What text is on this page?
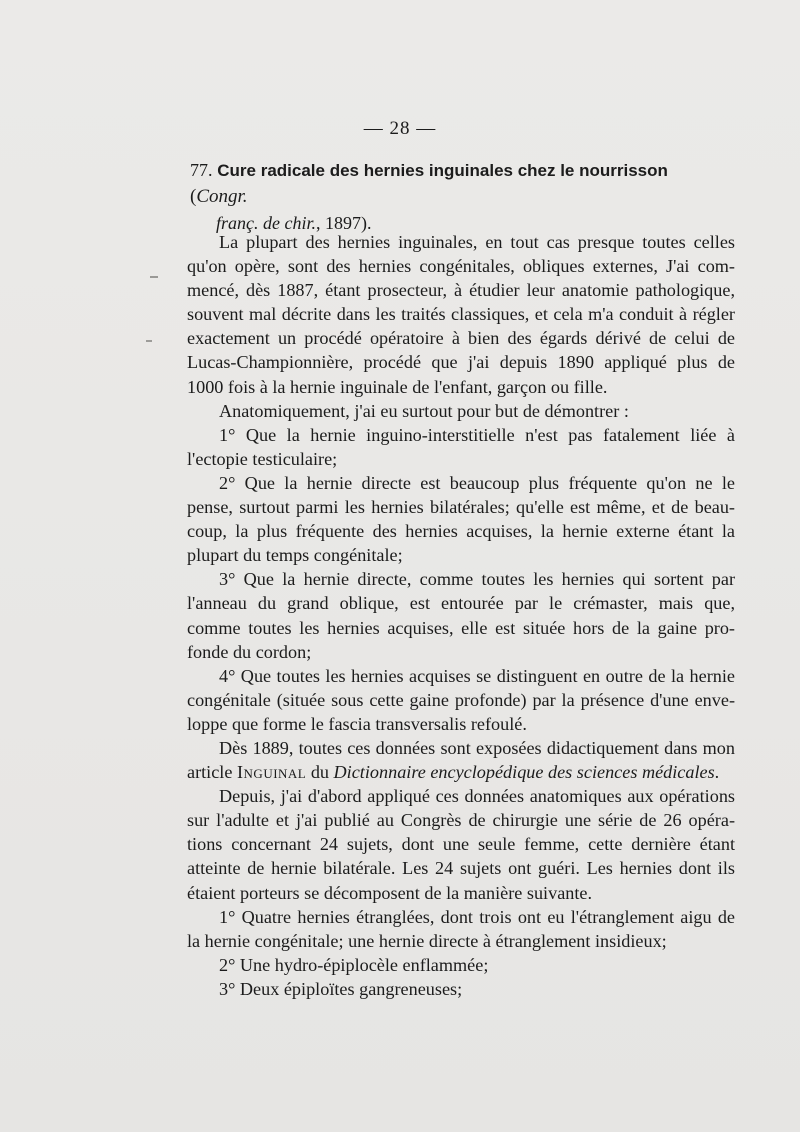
— 28 —
77. Cure radicale des hernies inguinales chez le nourrisson (Congr.
franç. de chir., 1897).
La plupart des hernies inguinales, en tout cas presque toutes celles
qu'on opère, sont des hernies congénitales, obliques externes, J'ai com-
mencé, dès 1887, étant prosecteur, à étudier leur anatomie pathologique,
souvent mal décrite dans les traités classiques, et cela m'a conduit à régler
exactement un procédé opératoire à bien des égards dérivé de celui de
Lucas-Championnière, procédé que j'ai depuis 1890 appliqué plus de
1000 fois à la hernie inguinale de l'enfant, garçon ou fille.
Anatomiquement, j'ai eu surtout pour but de démontrer :
1° Que la hernie inguino-interstitielle n'est pas fatalement liée à
l'ectopie testiculaire;
2° Que la hernie directe est beaucoup plus fréquente qu'on ne le
pense, surtout parmi les hernies bilatérales; qu'elle est même, et de beau-
coup, la plus fréquente des hernies acquises, la hernie externe étant la
plupart du temps congénitale;
3° Que la hernie directe, comme toutes les hernies qui sortent par
l'anneau du grand oblique, est entourée par le crémaster, mais que,
comme toutes les hernies acquises, elle est située hors de la gaine pro-
fonde du cordon;
4° Que toutes les hernies acquises se distinguent en outre de la hernie
congénitale (située sous cette gaine profonde) par la présence d'une enve-
loppe que forme le fascia transversalis refoulé.
Dès 1889, toutes ces données sont exposées didactiquement dans mon
article Inguinal du Dictionnaire encyclopédique des sciences médicales.
Depuis, j'ai d'abord appliqué ces données anatomiques aux opérations
sur l'adulte et j'ai publié au Congrès de chirurgie une série de 26 opéra-
tions concernant 24 sujets, dont une seule femme, cette dernière étant
atteinte de hernie bilatérale. Les 24 sujets ont guéri. Les hernies dont ils
étaient porteurs se décomposent de la manière suivante.
1° Quatre hernies étranglées, dont trois ont eu l'étranglement aigu de
la hernie congénitale; une hernie directe à étranglement insidieux;
2° Une hydro-épiplocèle enflammée;
3° Deux épiploïtes gangreneuses;
